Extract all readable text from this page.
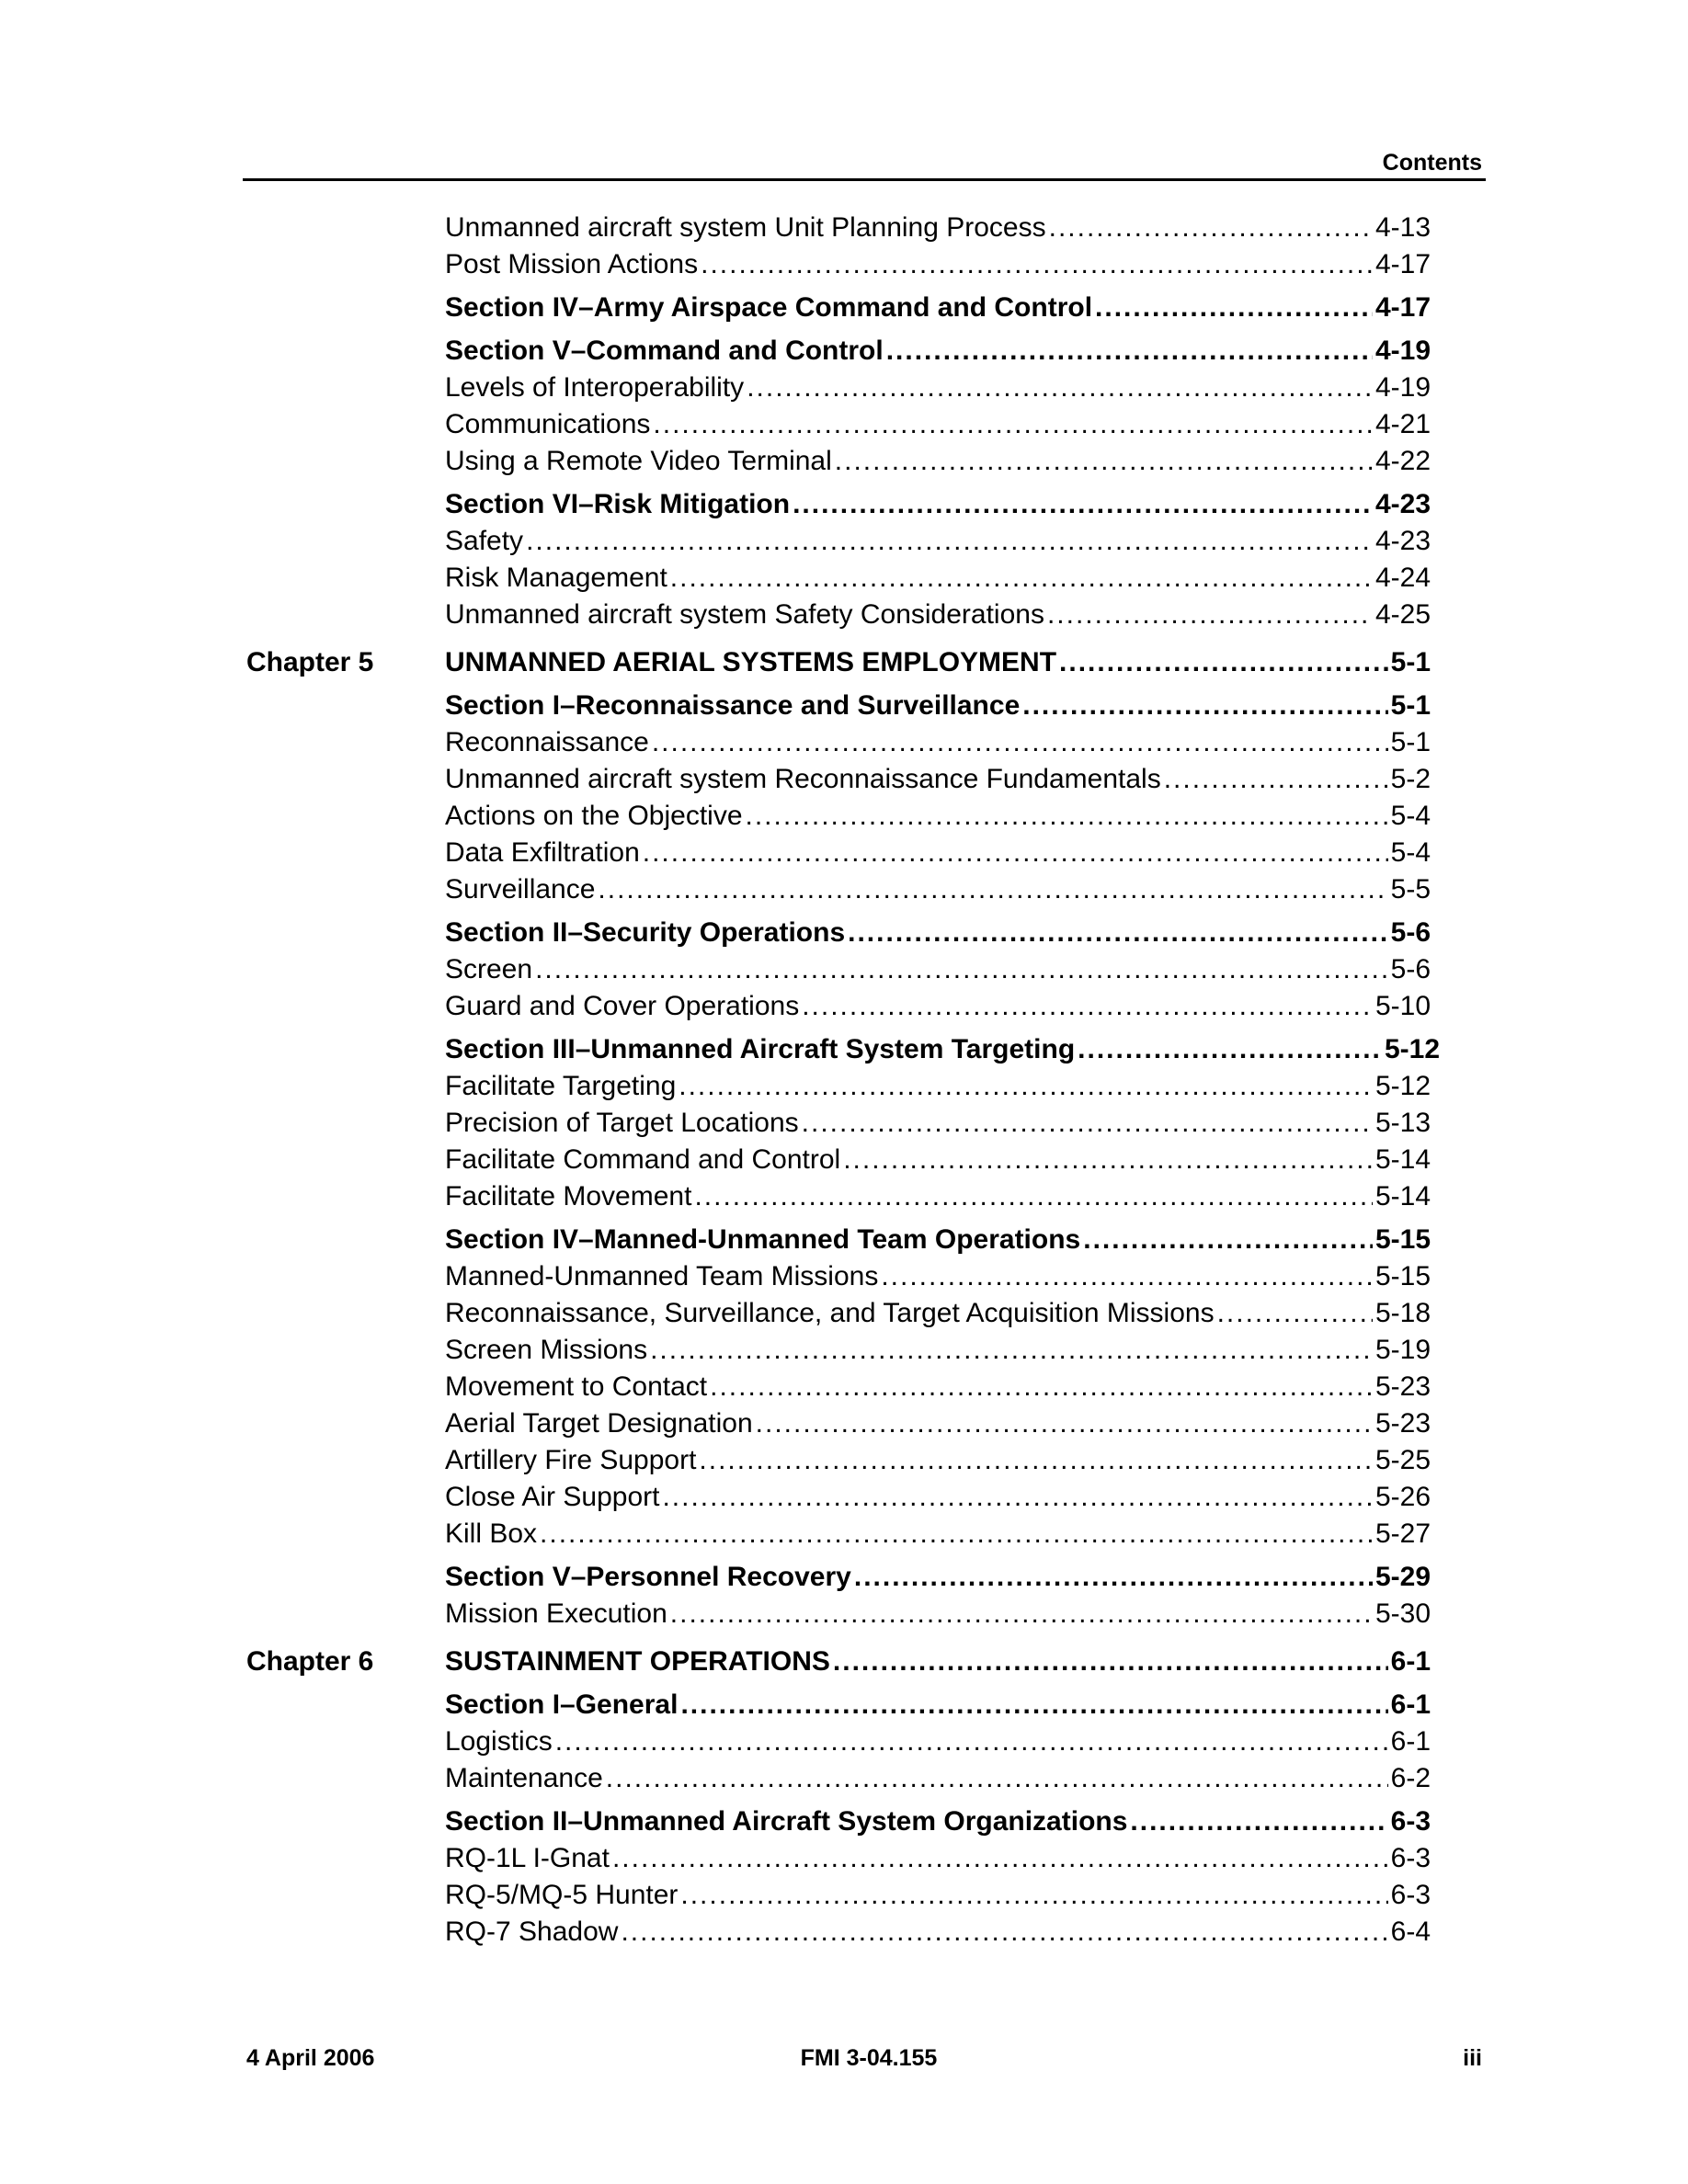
Contents
Unmanned aircraft system Unit Planning Process .....	4-13
Post Mission Actions .....	4-17
Section IV–Army Airspace Command and Control .....	4-17
Section V–Command and Control .....	4-19
Levels of Interoperability .....	4-19
Communications .....	4-21
Using a Remote Video Terminal .....	4-22
Section VI–Risk Mitigation .....	4-23
Safety .....	4-23
Risk Management .....	4-24
Unmanned aircraft system Safety Considerations .....	4-25
Chapter 5	UNMANNED AERIAL SYSTEMS EMPLOYMENT .....	5-1
Section I–Reconnaissance and Surveillance .....	5-1
Reconnaissance .....	5-1
Unmanned aircraft system Reconnaissance Fundamentals .....	5-2
Actions on the Objective .....	5-4
Data Exfiltration .....	5-4
Surveillance .....	5-5
Section II–Security Operations .....	5-6
Screen .....	5-6
Guard and Cover Operations .....	5-10
Section III–Unmanned Aircraft System Targeting .....	5-12
Facilitate Targeting .....	5-12
Precision of Target Locations .....	5-13
Facilitate Command and Control .....	5-14
Facilitate Movement .....	5-14
Section IV–Manned-Unmanned Team Operations .....	5-15
Manned-Unmanned Team Missions .....	5-15
Reconnaissance, Surveillance, and Target Acquisition Missions .....	5-18
Screen Missions .....	5-19
Movement to Contact .....	5-23
Aerial Target Designation .....	5-23
Artillery Fire Support .....	5-25
Close Air Support .....	5-26
Kill Box .....	5-27
Section V–Personnel Recovery .....	5-29
Mission Execution .....	5-30
Chapter 6	SUSTAINMENT OPERATIONS .....	6-1
Section I–General .....	6-1
Logistics .....	6-1
Maintenance .....	6-2
Section II–Unmanned Aircraft System Organizations .....	6-3
RQ-1L I-Gnat .....	6-3
RQ-5/MQ-5 Hunter .....	6-3
RQ-7 Shadow .....	6-4
4 April 2006	FMI 3-04.155	iii
